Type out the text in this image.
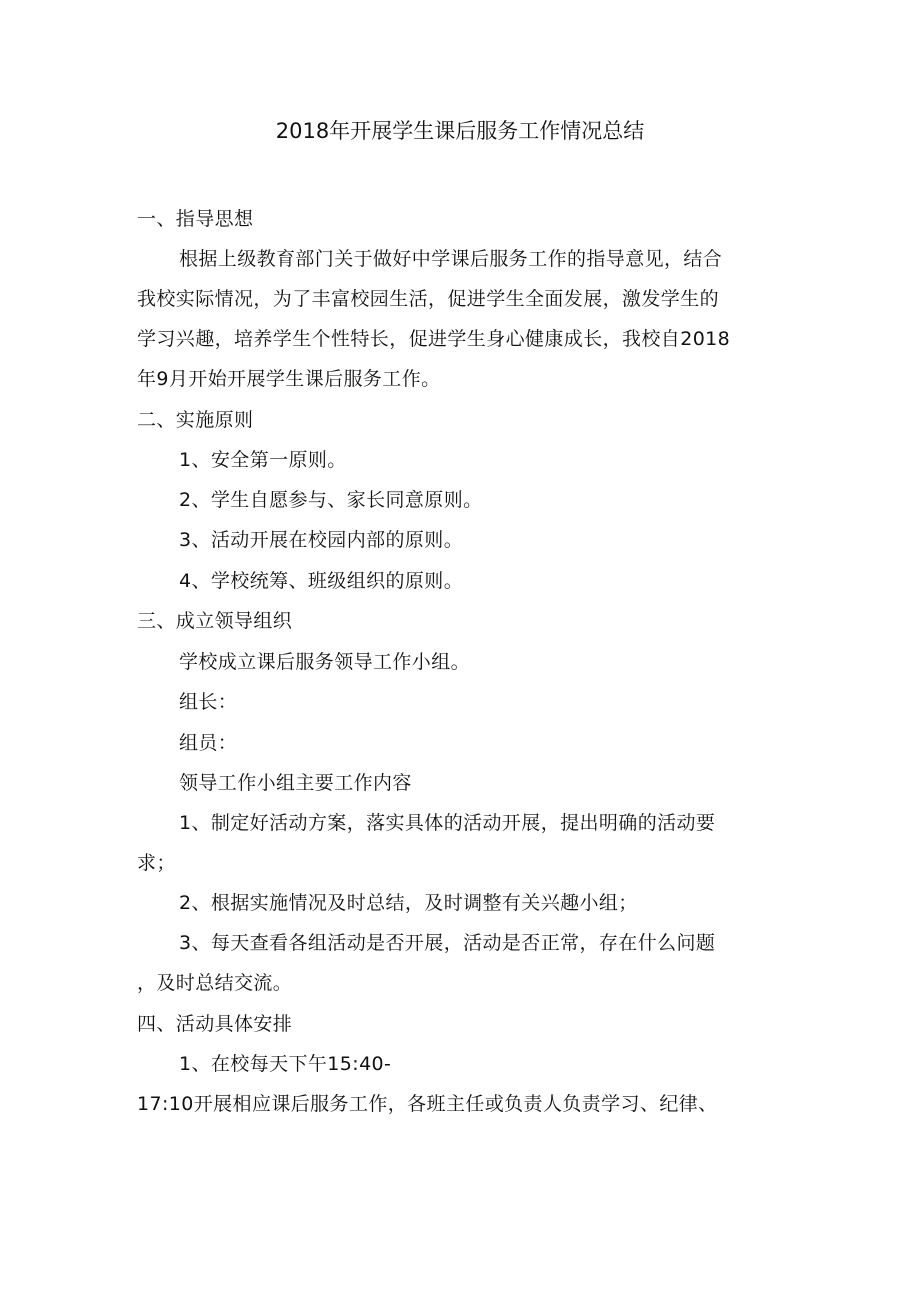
2018年开展学生课后服务工作情况总结
一、指导思想
根据上级教育部门关于做好中学课后服务工作的指导意见，结合
我校实际情况，为了丰富校园生活，促进学生全面发展，激发学生的
学习兴趣，培养学生个性特长，促进学生身心健康成长，我校自2018
年9月开始开展学生课后服务工作。
二、实施原则
1、安全第一原则。
2、学生自愿参与、家长同意原则。
3、活动开展在校园内部的原则。
4、学校统筹、班级组织的原则。
三、成立领导组织
学校成立课后服务领导工作小组。
组长：
组员：
领导工作小组主要工作内容
1、制定好活动方案，落实具体的活动开展，提出明确的活动要
求；
2、根据实施情况及时总结，及时调整有关兴趣小组；
3、每天查看各组活动是否开展，活动是否正常，存在什么问题
，及时总结交流。
四、活动具体安排
1、在校每天下午15:40-
17:10开展相应课后服务工作，各班主任或负责人负责学习、纪律、
